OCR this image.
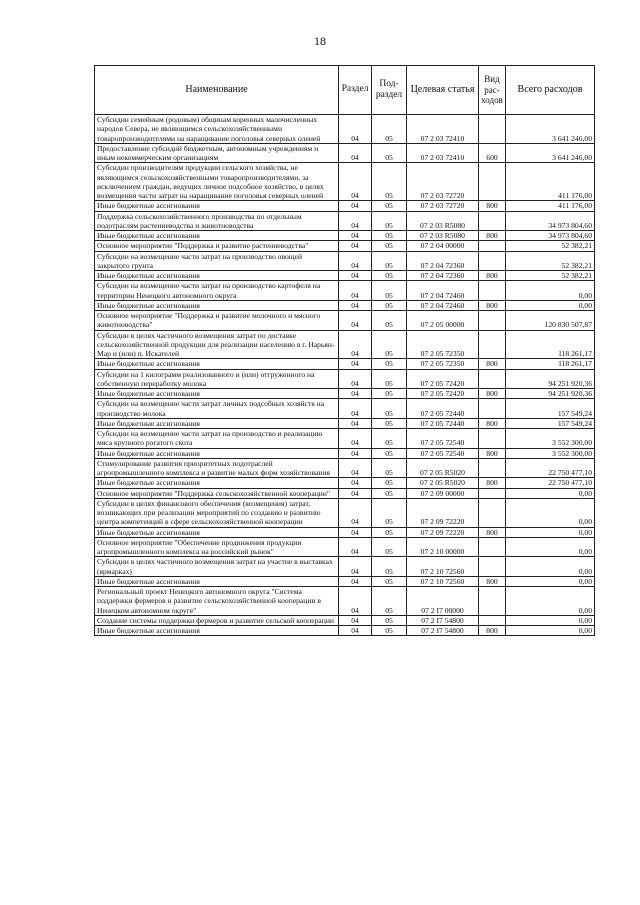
18
Наименование	Раздел	Под-раздел	Целевая статья	Вид рас-ходов	Всего расходов
Субсидии семейным (родовым) общинам коренных малочисленных народов Севера, не являющимся сельскохозяйственными товаропроизводителями на наращивание поголовья северных оленей	04	05	07 2 03 72410		3 641 246,00
Предоставление субсидий бюджетным, автономным учреждениям и иным некоммерческим организациям	04	05	07 2 03 72410	600	3 641 246,00
Субсидии производителям продукции сельского хозяйства, не являющимся сельскохозяйственными товаропроизводителями, за исключением граждан, ведущих личное подсобное хозяйство, в целях возмещения части затрат на наращивание поголовья северных оленей	04	05	07 2 03 72720		411 176,00
Иные бюджетные ассигнования	04	05	07 2 03 72720	800	411 176,00
Поддержка сельскохозяйственного производства по отдельным подотраслям растениеводства и животноводства	04	05	07 2 03 R5080		34 973 804,60
Иные бюджетные ассигнования	04	05	07 2 03 R5080	800	34 973 804,60
Основное мероприятие "Поддержка и развитие растениеводства"	04	05	07 2 04 00000		52 382,21
Субсидии на возмещение части затрат на производство овощей закрытого грунта	04	05	07 2 04 72360		52 382,21
Иные бюджетные ассигнования	04	05	07 2 04 72360	800	52 382,21
Субсидии на возмещение части затрат на производство картофеля на территории Ненецкого автономного округа	04	05	07 2 04 72460		0,00
Иные бюджетные ассигнования	04	05	07 2 04 72460	800	0,00
Основное мероприятие "Поддержка и развитие молочного и мясного животноводства"	04	05	07 2 05 00000		120 830 507,87
Субсидии в целях частичного возмещения затрат по доставке сельскохозяйственной продукции для реализации населению в г. Нарьян-Мар и (или) п. Искателей	04	05	07 2 05 72350		118 261,17
Иные бюджетные ассигнования	04	05	07 2 05 72350	800	118 261,17
Субсидии на 1 килограмм реализованного и (или) отгруженного на собственную переработку молока	04	05	07 2 05 72420		94 251 920,36
Иные бюджетные ассигнования	04	05	07 2 05 72420	800	94 251 920,36
Субсидии на возмещение части затрат личных подсобных хозяйств на производство молока	04	05	07 2 05 72440		157 549,24
Иные бюджетные ассигнования	04	05	07 2 05 72440	800	157 549,24
Субсидии на возмещение части затрат на производство и реализацию мяса крупного рогатого скота	04	05	07 2 05 72540		3 552 300,00
Иные бюджетные ассигнования	04	05	07 2 05 72540	800	3 552 300,00
Стимулирование развития приоритетных подотраслей агропромышленного комплекса и развитие малых форм хозяйствования	04	05	07 2 05 R5020		22 750 477,10
Иные бюджетные ассигнования	04	05	07 2 05 R5020	800	22 750 477,10
Основное мероприятие "Поддержка сельскохозяйственной кооперации"	04	05	07 2 09 00000		0,00
Субсидии в целях финансового обеспечения (возмещения) затрат, возникающих при реализации мероприятий по созданию и развитию центра компетенций в сфере сельскохозяйственной кооперации	04	05	07 2 09 72220		0,00
Иные бюджетные ассигнования	04	05	07 2 09 72220	800	0,00
Основное мероприятие "Обеспечение продвижения продукции агропромышленного комплекса на российский рынок"	04	05	07 2 10 00000		0,00
Субсидии в целях частичного возмещения затрат на участие в выставках (ярмарках)	04	05	07 2 10 72560		0,00
Иные бюджетные ассигнования	04	05	07 2 10 72560	800	0,00
Региональный проект Ненецкого автономного округа "Система поддержки фермеров и развитие сельскохозяйственной кооперации в Ненецком автономном округе"	04	05	07 2 I7 00000		0,00
Создание системы поддержки фермеров и развитие сельской кооперации	04	05	07 2 I7 54800		0,00
Иные бюджетные ассигнования	04	05	07 2 I7 54800	800	0,00
